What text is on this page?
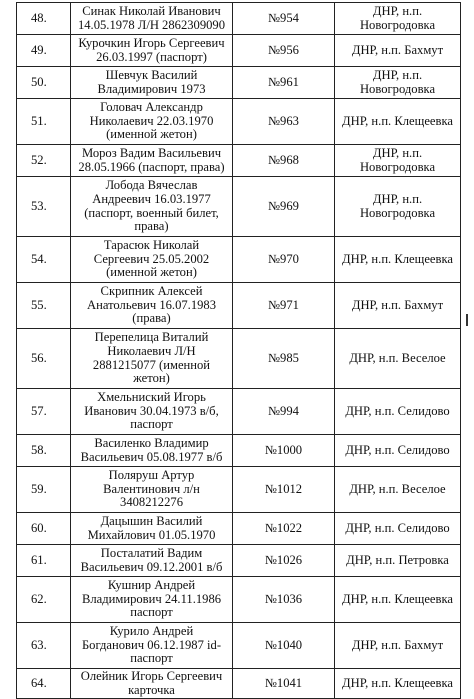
48.	Синак Николай Иванович
14.05.1978 Л/Н 2862309090	№954	ДНР, н.п.
Новогродовка
49.	Курочкин Игорь Сергеевич
26.03.1997 (паспорт)	№956	ДНР, н.п. Бахмут
50.	Шевчук Василий
Владимирович 1973	№961	ДНР, н.п.
Новогродовка
51.	Головач Александр
Николаевич 22.03.1970
(именной жетон)	№963	ДНР, н.п. Клещеевка
52.	Мороз Вадим Васильевич
28.05.1966 (паспорт, права)	№968	ДНР, н.п.
Новогродовка
53.	Лобода Вячеслав
Андреевич 16.03.1977
(паспорт, военный билет,
права)	№969	ДНР, н.п.
Новогродовка
54.	Тарасюк Николай
Сергеевич 25.05.2002
(именной жетон)	№970	ДНР, н.п. Клещеевка
55.	Скрипник Алексей
Анатольевич 16.07.1983
(права)	№971	ДНР, н.п. Бахмут
56.	Перепелица Виталий
Николаевич Л/Н
2881215077 (именной
жетон)	№985	ДНР, н.п. Веселое
57.	Хмельниский Игорь
Иванович 30.04.1973 в/б,
паспорт	№994	ДНР, н.п. Селидово
58.	Василенко Владимир
Васильевич 05.08.1977 в/б	№1000	ДНР, н.п. Селидово
59.	Поляруш Артур
Валентинович л/н
3408212276	№1012	ДНР, н.п. Веселое
60.	Дацышин Василий
Михайлович 01.05.1970	№1022	ДНР, н.п. Селидово
61.	Посталатий Вадим
Васильевич 09.12.2001 в/б	№1026	ДНР, н.п. Петровка
62.	Кушнир Андрей
Владимирович 24.11.1986
паспорт	№1036	ДНР, н.п. Клещеевка
63.	Курило Андрей
Богданович 06.12.1987 id-
паспорт	№1040	ДНР, н.п. Бахмут
64.	Олейник Игорь Сергеевич
карточка	№1041	ДНР, н.п. Клещеевка
